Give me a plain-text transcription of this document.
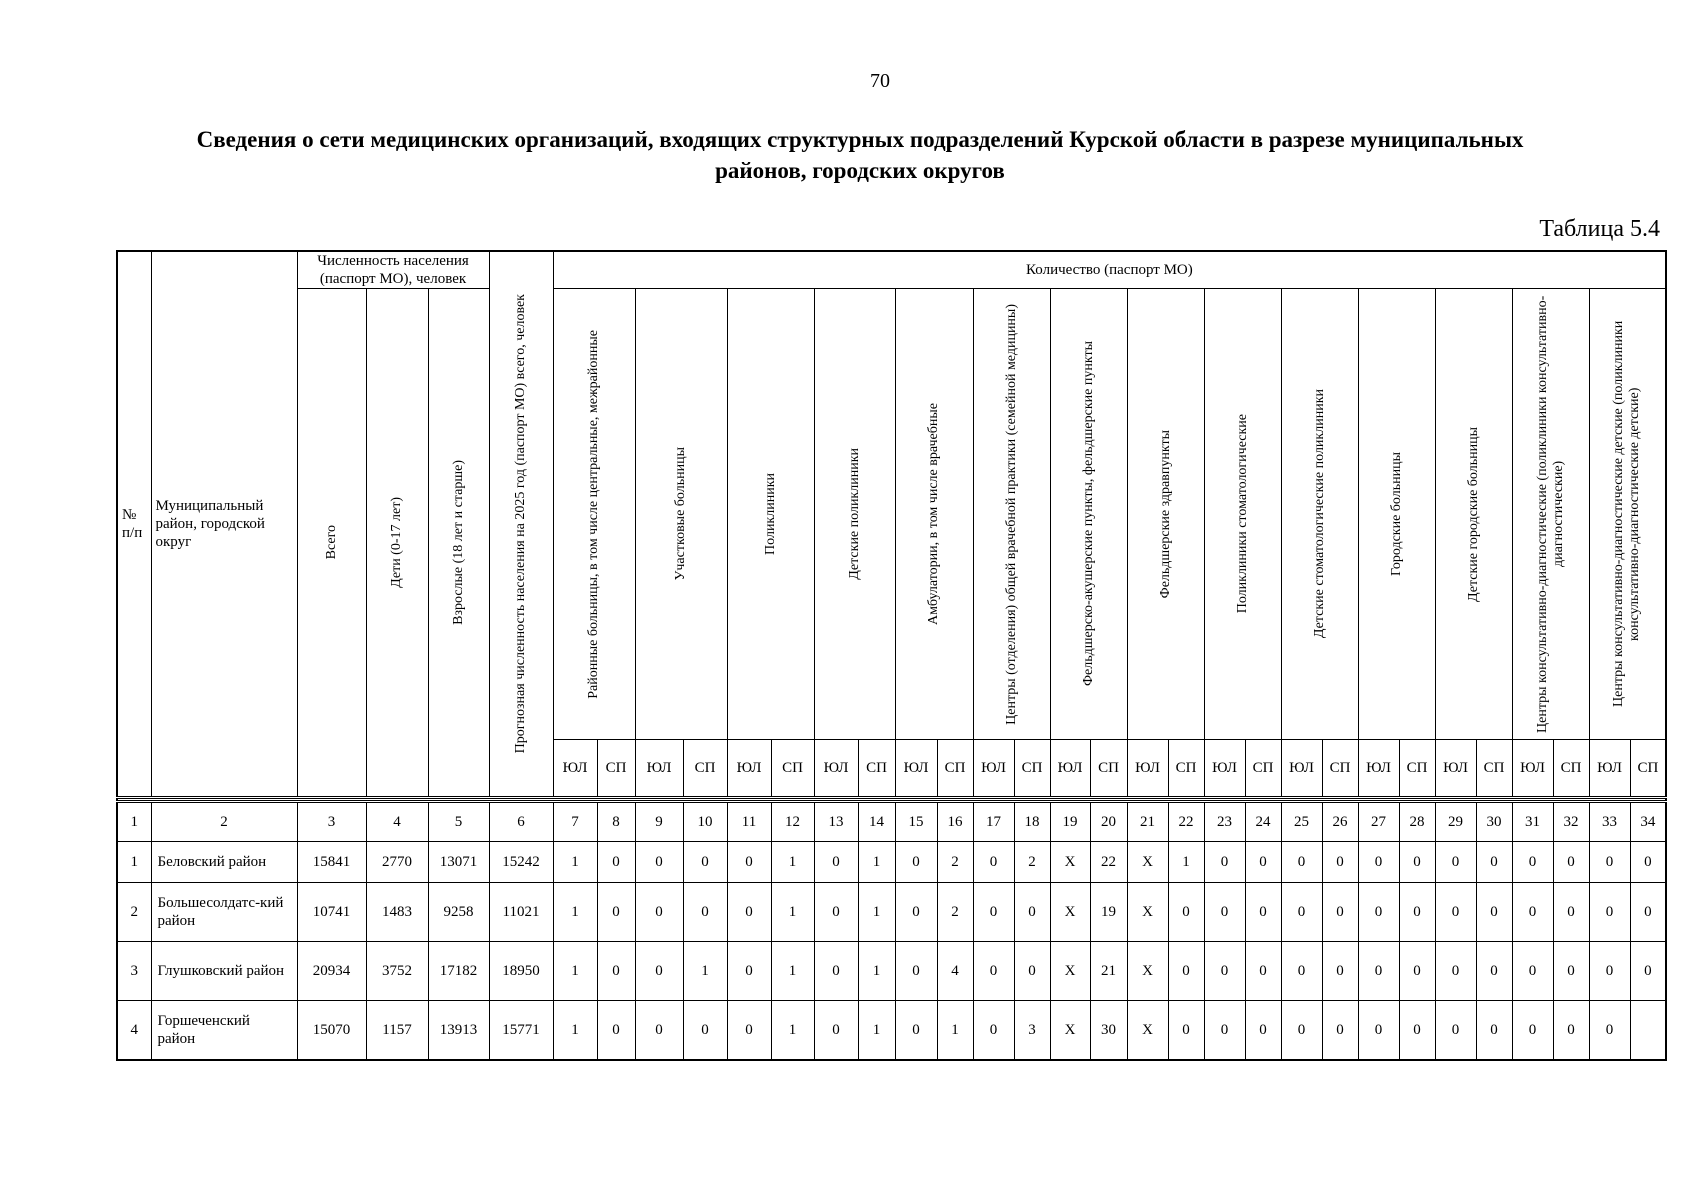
70
Сведения о сети медицинских организаций, входящих структурных подразделений Курской области в разрезе муниципальных районов, городских округов
Таблица 5.4
№ п/п	Муниципальный район, городской округ	Численность населения (паспорт МО), человек			Прогнозная численность населения на 2025 год (паспорт МО) всего, человек	Количество (паспорт МО)																											

		Всего	Дети (0-17 лет)	Взрослые (18 лет и старше)		Районные больницы, в том числе центральные, межрайонные		Участковые больницы		Поликлиники		Детские поликлиники		Амбулатории, в том числе врачебные		Центры (отделения) общей врачебной практики (семейной медицины)		Фельдшерско-акушерские пункты, фельдшерские пункты		Фельдшерские здравпункты		Поликлиники стоматологические		Детские стоматологические поликлиники		Городские больницы		Детские городские больницы		Центры консультативно-диагностические (поликлиники консультативно-диагностические)		Центры консультативно-диагностические детские (поликлиники консультативно-диагностические детские)	

						ЮЛ	СП	ЮЛ	СП	ЮЛ	СП	ЮЛ	СП	ЮЛ	СП	ЮЛ	СП	ЮЛ	СП	ЮЛ	СП	ЮЛ	СП	ЮЛ	СП	ЮЛ	СП	ЮЛ	СП	ЮЛ	СП	ЮЛ	СП

1	2	3	4	5	6	7	8	9	10	11	12	13	14	15	16	17	18	19	20	21	22	23	24	25	26	27	28	29	30	31	32	33	34
1	Беловский район	15841	2770	13071	15242	1	0	0	0	0	1	0	1	0	2	0	2	Х	22	Х	1	0	0	0	0	0	0	0	0	0	0	0	0
2	Большесолдатс-кий район	10741	1483	9258	11021	1	0	0	0	0	1	0	1	0	2	0	0	Х	19	Х	0	0	0	0	0	0	0	0	0	0	0	0	0
3	Глушковский район	20934	3752	17182	18950	1	0	0	1	0	1	0	1	0	4	0	0	Х	21	Х	0	0	0	0	0	0	0	0	0	0	0	0	0
4	Горшеченский район	15070	1157	13913	15771	1	0	0	0	0	1	0	1	0	1	0	3	Х	30	Х	0	0	0	0	0	0	0	0	0	0	0	0	
